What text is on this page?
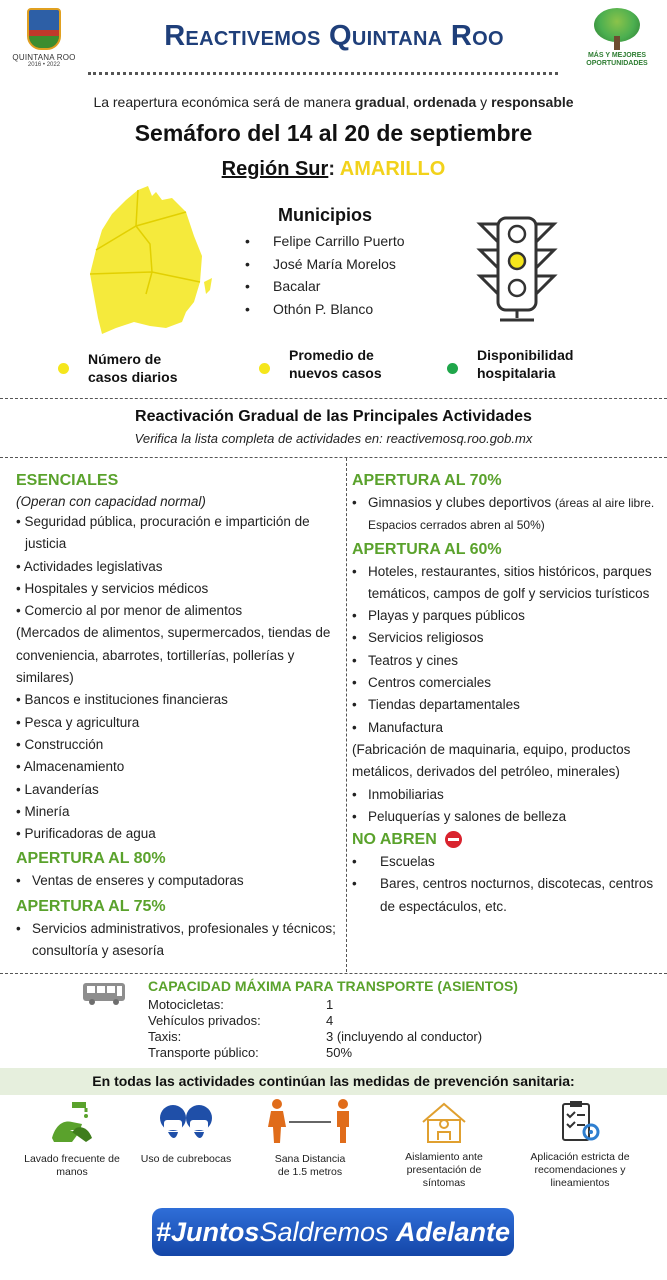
QUINTANA ROO
2016 • 2022
Reactivemos Quintana Roo
MÁS Y MEJORES
OPORTUNIDADES
La reapertura económica será de manera gradual, ordenada y responsable
Semáforo del 14 al 20 de septiembre
Región Sur: AMARILLO
Municipios
• Felipe Carrillo Puerto
• José María Morelos
• Bacalar
• Othón P. Blanco
Número de
casos diarios
Promedio de
nuevos casos
Disponibilidad
hospitalaria
Reactivación Gradual de las Principales Actividades
Verifica la lista completa de actividades en: reactivemosq.roo.gob.mx
ESENCIALES
(Operan con capacidad normal)
• Seguridad pública, procuración e impartición de justicia
• Actividades legislativas
• Hospitales y servicios médicos
• Comercio al por menor de alimentos
(Mercados de alimentos, supermercados, tiendas de conveniencia, abarrotes, tortillerías, pollerías y similares)
• Bancos e instituciones financieras
• Pesca y agricultura
• Construcción
• Almacenamiento
• Lavanderías
• Minería
• Purificadoras de agua
APERTURA AL 80%
• Ventas de enseres y computadoras
APERTURA AL 75%
• Servicios administrativos, profesionales y técnicos; consultoría y asesoría
APERTURA AL 70%
• Gimnasios y clubes deportivos (áreas al aire libre. Espacios cerrados abren al 50%)
APERTURA AL 60%
• Hoteles, restaurantes, sitios históricos, parques temáticos, campos de golf y servicios turísticos
• Playas y parques públicos
• Servicios religiosos
• Teatros y cines
• Centros comerciales
• Tiendas departamentales
• Manufactura
(Fabricación de maquinaria, equipo, productos metálicos, derivados del petróleo, minerales)
• Inmobiliarias
• Peluquerías y salones de belleza
NO ABREN
• Escuelas
• Bares, centros nocturnos, discotecas, centros de espectáculos, etc.
CAPACIDAD MÁXIMA PARA TRANSPORTE (ASIENTOS)
Motocicletas:	1
Vehículos privados:	4
Taxis:	3 (incluyendo al conductor)
Transporte público:	50%
En todas las actividades continúan las medidas de prevención sanitaria:
Lavado frecuente de
manos
Uso de cubrebocas	Sana Distancia
de 1.5 metros
Aislamiento ante
presentación de
síntomas
Aplicación estricta de
recomendaciones y
lineamientos
#JuntosSaldremos Adelante
